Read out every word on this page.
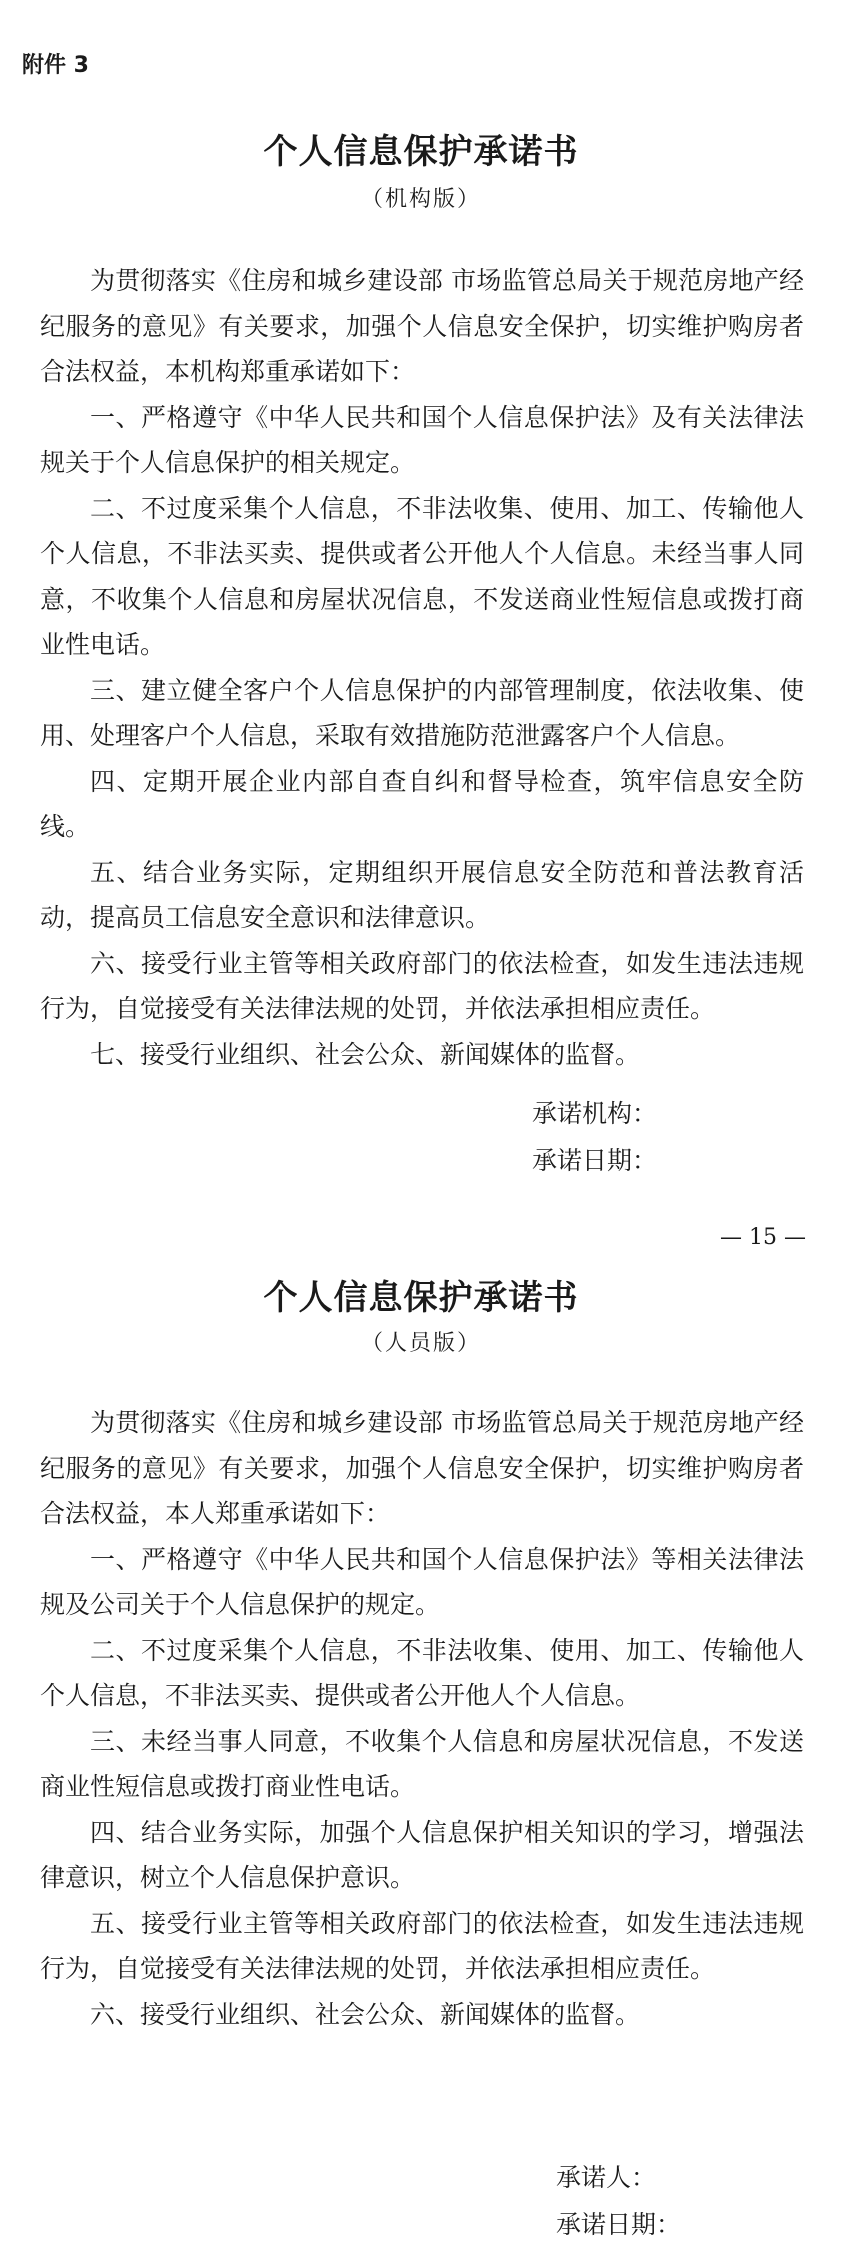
附件 3
个人信息保护承诺书
（机构版）

为贯彻落实《住房和城乡建设部 市场监管总局关于规范房地产经纪服务的意见》有关要求，加强个人信息安全保护，切实维护购房者合法权益，本机构郑重承诺如下：

一、严格遵守《中华人民共和国个人信息保护法》及有关法律法规关于个人信息保护的相关规定。

二、不过度采集个人信息，不非法收集、使用、加工、传输他人个人信息，不非法买卖、提供或者公开他人个人信息。未经当事人同意，不收集个人信息和房屋状况信息，不发送商业性短信息或拨打商业性电话。

三、建立健全客户个人信息保护的内部管理制度，依法收集、使用、处理客户个人信息，采取有效措施防范泄露客户个人信息。

四、定期开展企业内部自查自纠和督导检查，筑牢信息安全防线。

五、结合业务实际，定期组织开展信息安全防范和普法教育活动，提高员工信息安全意识和法律意识。

六、接受行业主管等相关政府部门的依法检查，如发生违法违规行为，自觉接受有关法律法规的处罚，并依法承担相应责任。

七、接受行业组织、社会公众、新闻媒体的监督。

承诺机构：
承诺日期：
— 15 —
个人信息保护承诺书
（人员版）

为贯彻落实《住房和城乡建设部 市场监管总局关于规范房地产经纪服务的意见》有关要求，加强个人信息安全保护，切实维护购房者合法权益，本人郑重承诺如下：

一、严格遵守《中华人民共和国个人信息保护法》等相关法律法规及公司关于个人信息保护的规定。

二、不过度采集个人信息，不非法收集、使用、加工、传输他人个人信息，不非法买卖、提供或者公开他人个人信息。

三、未经当事人同意，不收集个人信息和房屋状况信息，不发送商业性短信息或拨打商业性电话。

四、结合业务实际，加强个人信息保护相关知识的学习，增强法律意识，树立个人信息保护意识。

五、接受行业主管等相关政府部门的依法检查，如发生违法违规行为，自觉接受有关法律法规的处罚，并依法承担相应责任。

六、接受行业组织、社会公众、新闻媒体的监督。

承诺人：
承诺日期：
